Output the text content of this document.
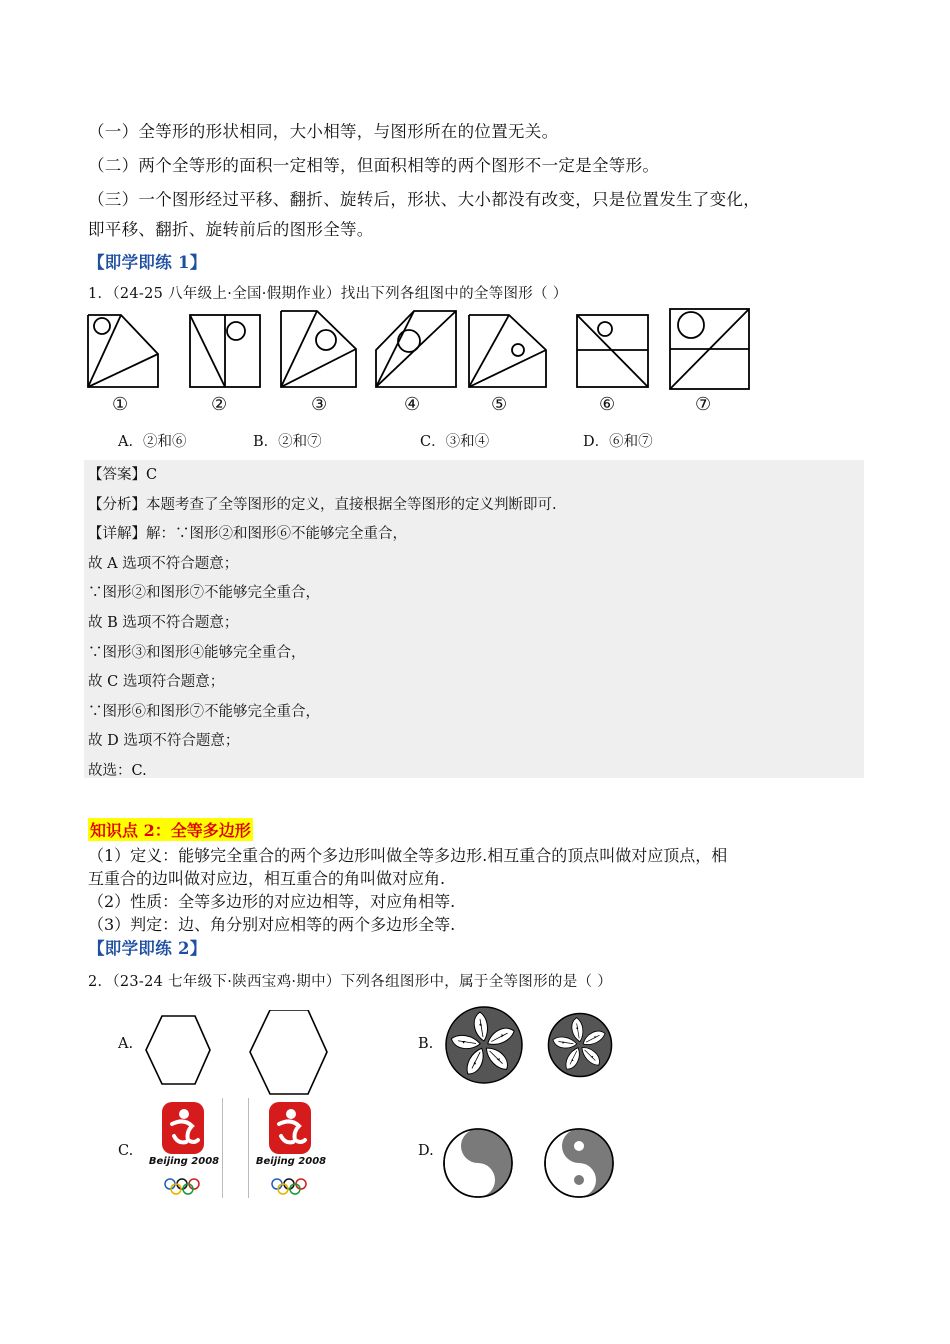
（一）全等形的形状相同，大小相等，与图形所在的位置无关。
（二）两个全等形的面积一定相等，但面积相等的两个图形不一定是全等形。
（三）一个图形经过平移、翻折、旋转后，形状、大小都没有改变，只是位置发生了变化，
即平移、翻折、旋转前后的图形全等。
【即学即练 1】
1．（24-25 八年级上·全国·假期作业）找出下列各组图中的全等图形（ ）
①	②	③	④	⑤	⑥	⑦
A．②和⑥	B．②和⑦	C．③和④	D．⑥和⑦
【答案】C
【分析】本题考查了全等图形的定义，直接根据全等图形的定义判断即可.
【详解】解：∵图形②和图形⑥不能够完全重合，
故 A 选项不符合题意；
∵图形②和图形⑦不能够完全重合，
故 B 选项不符合题意；
∵图形③和图形④能够完全重合，
故 C 选项符合题意；
∵图形⑥和图形⑦不能够完全重合，
故 D 选项不符合题意；
故选：C.
知识点 2：全等多边形
（1）定义：能够完全重合的两个多边形叫做全等多边形.相互重合的顶点叫做对应顶点，相
互重合的边叫做对应边，相互重合的角叫做对应角.
（2）性质：全等多边形的对应边相等，对应角相等.
（3）判定：边、角分别对应相等的两个多边形全等.
【即学即练 2】
2．（23-24 七年级下·陕西宝鸡·期中）下列各组图形中，属于全等图形的是（ ）
A.	B.
C.	D.
Beijing 2008	Beijing 2008
